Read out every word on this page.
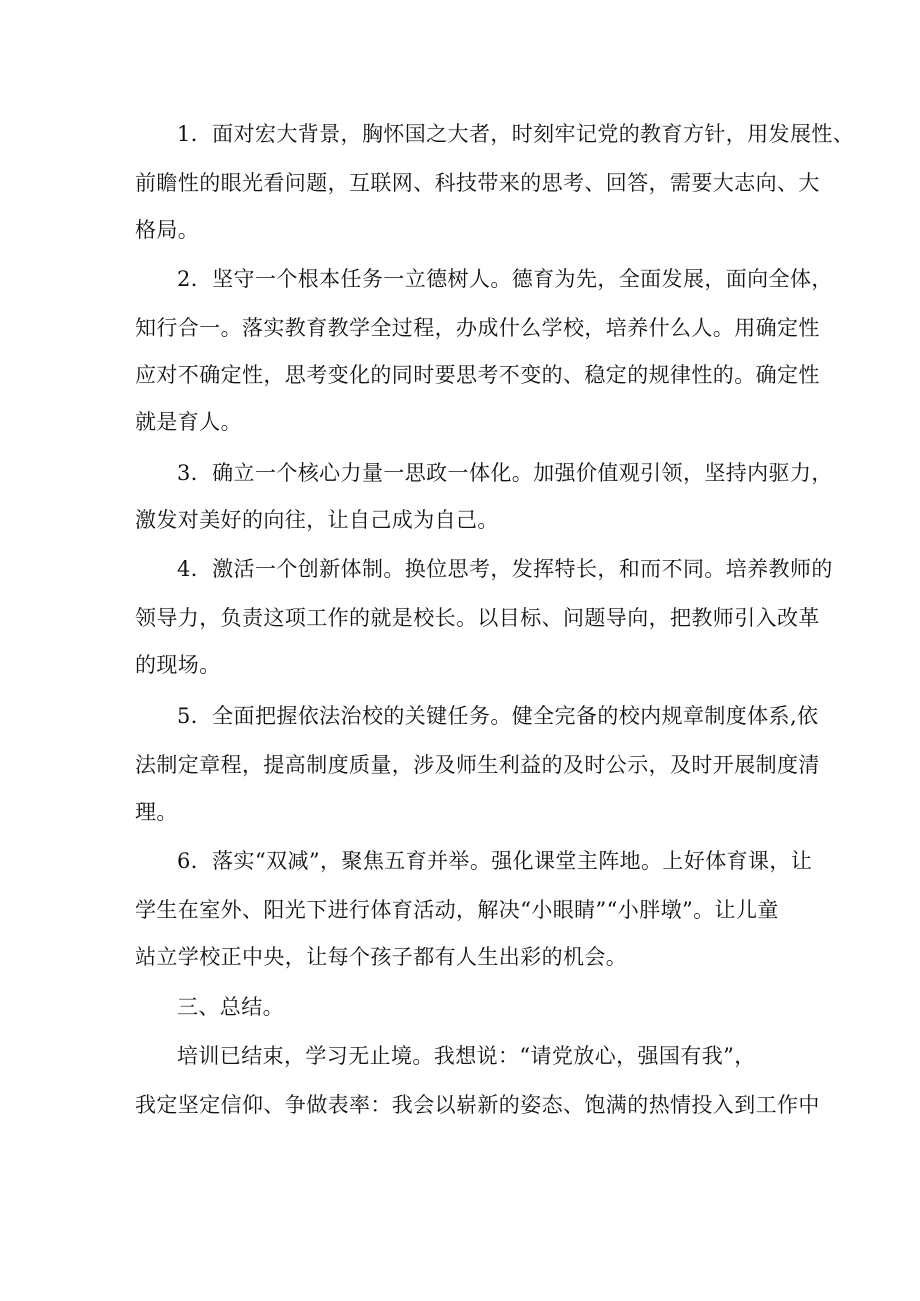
1．面对宏大背景，胸怀国之大者，时刻牢记党的教育方针，用发展性、
前瞻性的眼光看问题，互联网、科技带来的思考、回答，需要大志向、大
格局。
2．坚守一个根本任务一立德树人。德育为先，全面发展，面向全体，
知行合一。落实教育教学全过程，办成什么学校，培养什么人。用确定性
应对不确定性，思考变化的同时要思考不变的、稳定的规律性的。确定性
就是育人。
3．确立一个核心力量一思政一体化。加强价值观引领，坚持内驱力，
激发对美好的向往，让自己成为自己。
4．激活一个创新体制。换位思考，发挥特长，和而不同。培养教师的
领导力，负责这项工作的就是校长。以目标、问题导向，把教师引入改革
的现场。
5．全面把握依法治校的关键任务。健全完备的校内规章制度体系,依
法制定章程，提高制度质量，涉及师生利益的及时公示，及时开展制度清
理。
6．落实“双减”，聚焦五育并举。强化课堂主阵地。上好体育课，让
学生在室外、阳光下进行体育活动，解决“小眼睛”“小胖墩”。让儿童
站立学校正中央，让每个孩子都有人生出彩的机会。
三、总结。
培训已结束，学习无止境。我想说：“请党放心，强国有我”，
我定坚定信仰、争做表率：我会以崭新的姿态、饱满的热情投入到工作中
